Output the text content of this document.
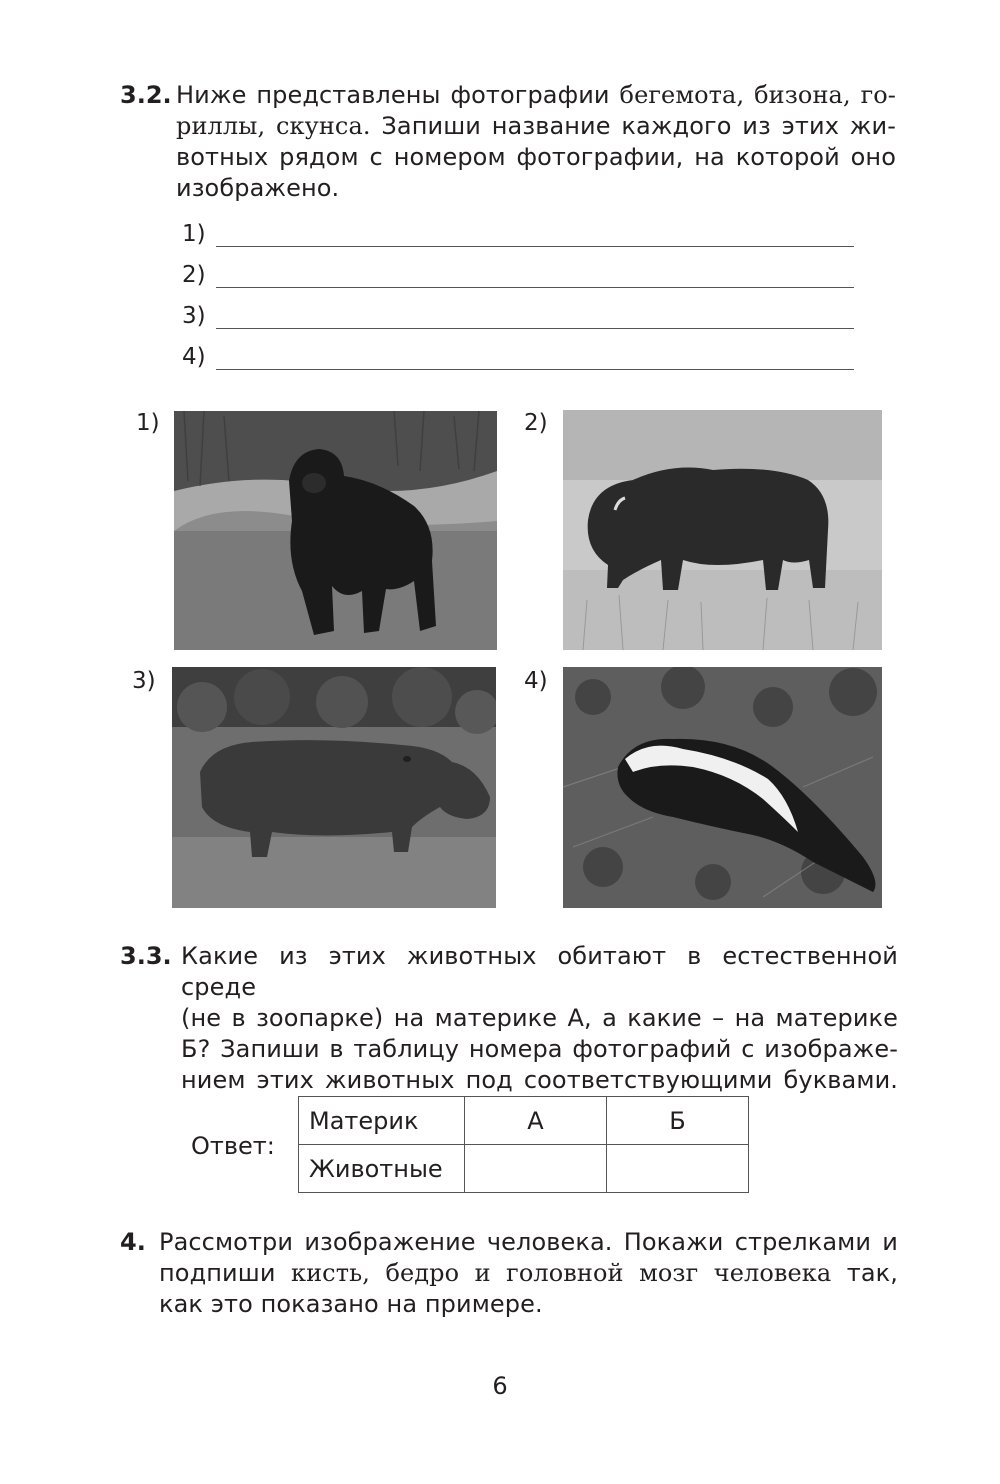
3.2. Ниже представлены фотографии бегемота, бизона, го-
риллы, скунса. Запиши название каждого из этих жи-
вотных рядом с номером фотографии, на которой оно
изображено.
1)
2)
3)
4)
1)	2)
3)	4)
3.3. Какие из этих животных обитают в естественной среде
(не в зоопарке) на материке А, а какие – на материке
Б? Запиши в таблицу номера фотографий с изображе-
нием этих животных под соответствующими буквами.
Ответ:
Материк	А	Б
Животные		
4. Рассмотри изображение человека. Покажи стрелками и
подпиши кисть, бедро и головной мозг человека так,
как это показано на примере.
6
